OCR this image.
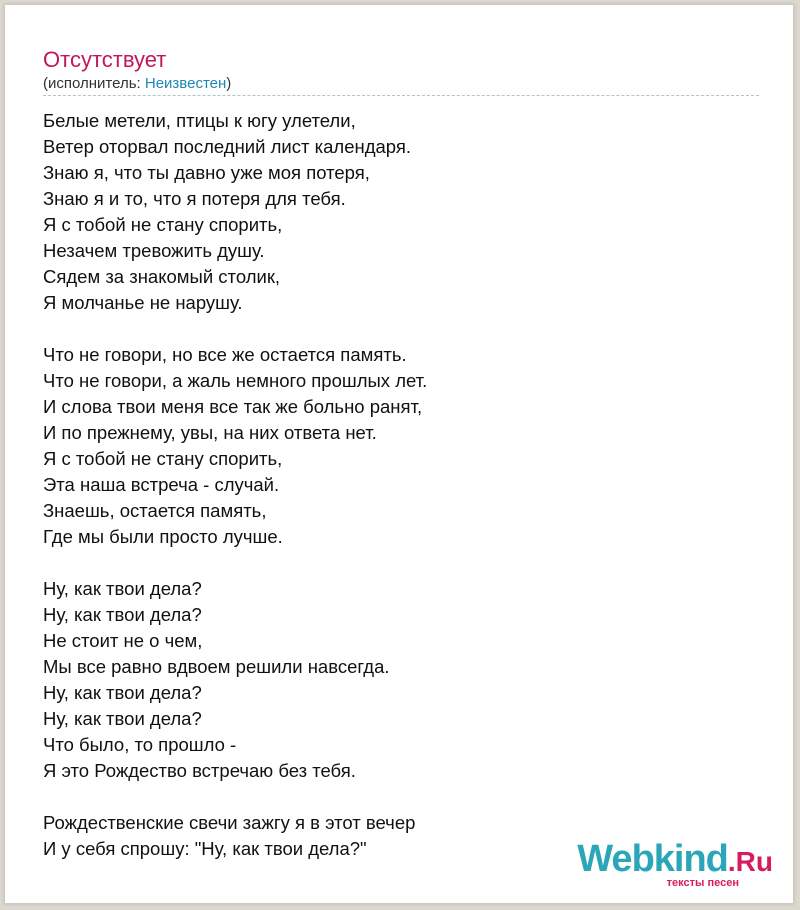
Отсутствует
(исполнитель: Неизвестен)
Белые метели, птицы к югу улетели,
Ветер оторвал последний лист календаря.
Знаю я, что ты давно уже моя потеря,
Знаю я и то, что я потеря для тебя.
Я с тобой не стану спорить,
Незачем тревожить душу.
Сядем за знакомый столик,
Я молчанье не нарушу.
Что не говори, но все же остается память.
Что не говори, а жаль немного прошлых лет.
И слова твои меня все так же больно ранят,
И по прежнему, увы, на них ответа нет.
Я с тобой не стану спорить,
Эта наша встреча - случай.
Знаешь, остается память,
Где мы были просто лучше.
Ну, как твои дела?
Ну, как твои дела?
Не стоит не о чем,
Мы все равно вдвоем решили навсегда.
Ну, как твои дела?
Ну, как твои дела?
Что было, то прошло -
Я это Рождество встречаю без тебя.
Рождественские свечи зажгу я в этот вечер
И у себя спрошу: "Ну, как твои дела?"	Webkind.Ru
тексты песен
